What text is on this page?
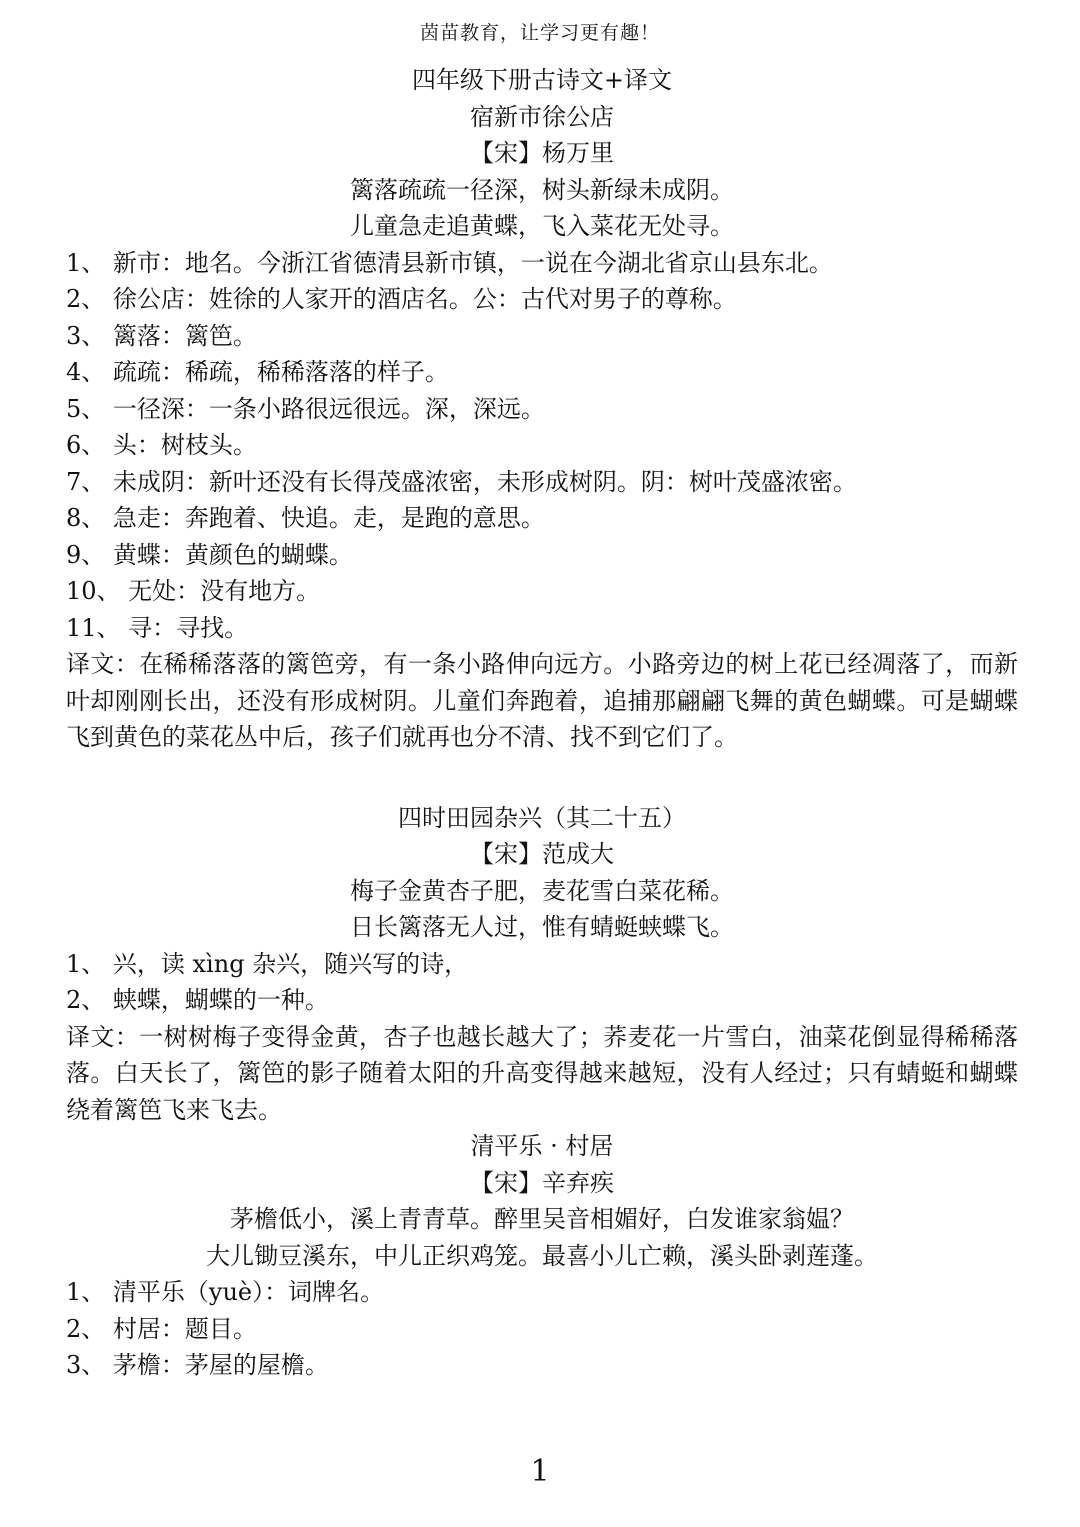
茵苗教育，让学习更有趣！
四年级下册古诗文+译文
宿新市徐公店
【宋】杨万里
篱落疏疏一径深，树头新绿未成阴。
儿童急走追黄蝶，飞入菜花无处寻。
1、 新市：地名。今浙江省德清县新市镇，一说在今湖北省京山县东北。
2、 徐公店：姓徐的人家开的酒店名。公：古代对男子的尊称。
3、 篱落：篱笆。
4、 疏疏：稀疏，稀稀落落的样子。
5、 一径深：一条小路很远很远。深，深远。
6、 头：树枝头。
7、 未成阴：新叶还没有长得茂盛浓密，未形成树阴。阴：树叶茂盛浓密。
8、 急走：奔跑着、快追。走，是跑的意思。
9、 黄蝶：黄颜色的蝴蝶。
10、 无处：没有地方。
11、 寻：寻找。

译文：在稀稀落落的篱笆旁，有一条小路伸向远方。小路旁边的树上花已经凋落了，而新叶却刚刚长出，还没有形成树阴。儿童们奔跑着，追捕那翩翩飞舞的黄色蝴蝶。可是蝴蝶飞到黄色的菜花丛中后，孩子们就再也分不清、找不到它们了。

四时田园杂兴（其二十五）
【宋】范成大
梅子金黄杏子肥，麦花雪白菜花稀。
日长篱落无人过，惟有蜻蜓蛱蝶飞。
1、 兴，读 xìng 杂兴，随兴写的诗，
2、 蛱蝶，蝴蝶的一种。

译文：一树树梅子变得金黄，杏子也越长越大了；荞麦花一片雪白，油菜花倒显得稀稀落落。白天长了，篱笆的影子随着太阳的升高变得越来越短，没有人经过；只有蜻蜓和蝴蝶绕着篱笆飞来飞去。

清平乐 · 村居
【宋】辛弃疾
茅檐低小，溪上青青草。醉里吴音相媚好，白发谁家翁媪？
大儿锄豆溪东，中儿正织鸡笼。最喜小儿亡赖，溪头卧剥莲蓬。
1、 清平乐（yuè）：词牌名。
2、 村居：题目。
3、 茅檐：茅屋的屋檐。
1
